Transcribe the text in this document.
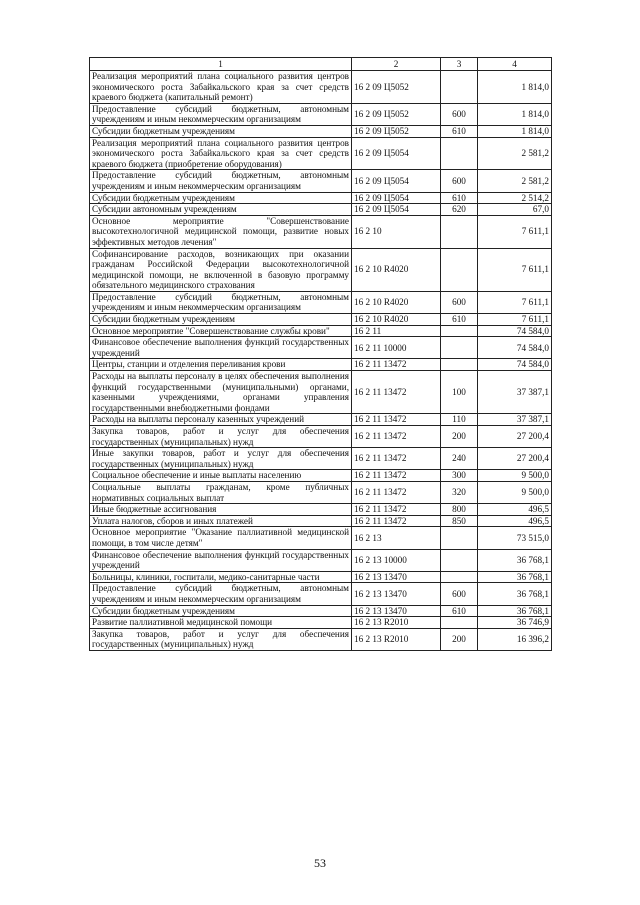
1	2	3	4
Реализация мероприятий плана социального развития центров экономического роста Забайкальского края за счет средств краевого бюджета (капитальный ремонт)	16 2 09 Ц5052		1 814,0
Предоставление субсидий бюджетным, автономным учреждениям и иным некоммерческим организациям	16 2 09 Ц5052	600	1 814,0
Субсидии бюджетным учреждениям	16 2 09 Ц5052	610	1 814,0
Реализация мероприятий плана социального развития центров экономического роста Забайкальского края за счет средств краевого бюджета (приобретение оборудования)	16 2 09 Ц5054		2 581,2
Предоставление субсидий бюджетным, автономным учреждениям и иным некоммерческим организациям	16 2 09 Ц5054	600	2 581,2
Субсидии бюджетным учреждениям	16 2 09 Ц5054	610	2 514,2
Субсидии автономным учреждениям	16 2 09 Ц5054	620	67,0
Основное мероприятие "Совершенствование высокотехнологичной медицинской помощи, развитие новых эффективных методов лечения"	16 2 10		7 611,1
Софинансирование расходов, возникающих при оказании гражданам Российской Федерации высокотехнологичной медицинской помощи, не включенной в базовую программу обязательного медицинского страхования	16 2 10 R4020		7 611,1
Предоставление субсидий бюджетным, автономным учреждениям и иным некоммерческим организациям	16 2 10 R4020	600	7 611,1
Субсидии бюджетным учреждениям	16 2 10 R4020	610	7 611,1
Основное мероприятие "Совершенствование службы крови"	16 2 11		74 584,0
Финансовое обеспечение выполнения функций государственных учреждений	16 2 11 10000		74 584,0
Центры, станции и отделения переливания крови	16 2 11 13472		74 584,0
Расходы на выплаты персоналу в целях обеспечения выполнения функций государственными (муниципальными) органами, казенными учреждениями, органами управления государственными внебюджетными фондами	16 2 11 13472	100	37 387,1
Расходы на выплаты персоналу казенных учреждений	16 2 11 13472	110	37 387,1
Закупка товаров, работ и услуг для обеспечения государственных (муниципальных) нужд	16 2 11 13472	200	27 200,4
Иные закупки товаров, работ и услуг для обеспечения государственных (муниципальных) нужд	16 2 11 13472	240	27 200,4
Социальное обеспечение и иные выплаты населению	16 2 11 13472	300	9 500,0
Социальные выплаты гражданам, кроме публичных нормативных социальных выплат	16 2 11 13472	320	9 500,0
Иные бюджетные ассигнования	16 2 11 13472	800	496,5
Уплата налогов, сборов и иных платежей	16 2 11 13472	850	496,5
Основное мероприятие "Оказание паллиативной медицинской помощи, в том числе детям"	16 2 13		73 515,0
Финансовое обеспечение выполнения функций государственных учреждений	16 2 13 10000		36 768,1
Больницы, клиники, госпитали, медико-санитарные части	16 2 13 13470		36 768,1
Предоставление субсидий бюджетным, автономным учреждениям и иным некоммерческим организациям	16 2 13 13470	600	36 768,1
Субсидии бюджетным учреждениям	16 2 13 13470	610	36 768,1
Развитие паллиативной медицинской помощи	16 2 13 R2010		36 746,9
Закупка товаров, работ и услуг для обеспечения государственных (муниципальных) нужд	16 2 13 R2010	200	16 396,2
53
